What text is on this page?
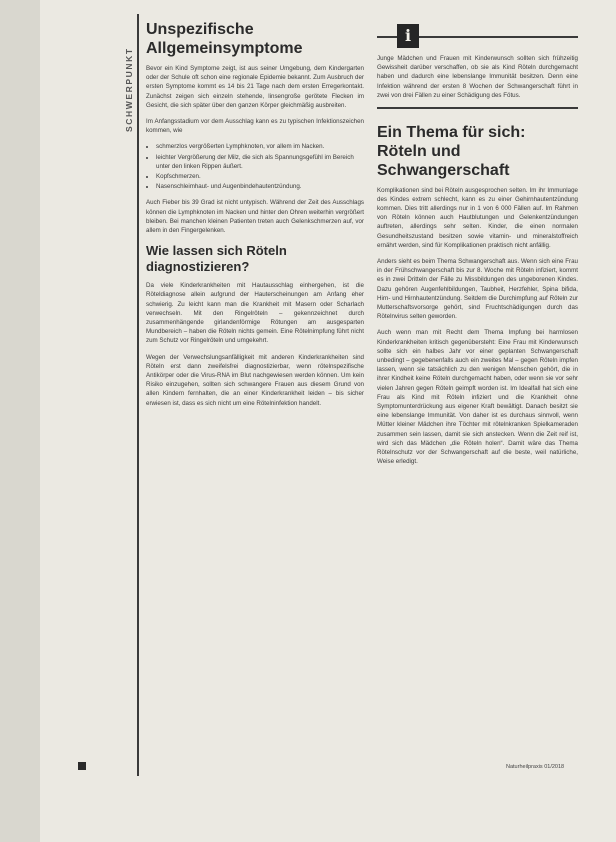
SCHWERPUNKT
Unspezifische Allgemeinsymptome

Bevor ein Kind Symptome zeigt, ist aus seiner Umgebung, dem Kindergarten oder der Schule oft schon eine regionale Epidemie bekannt. Zum Ausbruch der ersten Symptome kommt es 14 bis 21 Tage nach dem ersten Erregerkontakt. Zunächst zeigen sich einzeln stehende, linsengroße gerötete Flecken im Gesicht, die sich später über den ganzen Körper gleichmäßig ausbreiten.

Im Anfangsstadium vor dem Ausschlag kann es zu typischen Infektionszeichen kommen, wie

• schmerzlos vergrößerten Lymphknoten, vor allem im Nacken.
• leichter Vergrößerung der Milz, die sich als Spannungsgefühl im Bereich unter den linken Rippen äußert.
• Kopfschmerzen.
• Nasenschleimhaut- und Augenbindehautentzündung.

Auch Fieber bis 39 Grad ist nicht untypisch. Während der Zeit des Ausschlags können die Lymphknoten im Nacken und hinter den Ohren weiterhin vergrößert bleiben. Bei manchen kleinen Patienten treten auch Gelenkschmerzen auf, vor allem in den Fingergelenken.

Wie lassen sich Röteln diagnostizieren?

Da viele Kinderkrankheiten mit Hautausschlag einhergehen, ist die Röteldiagnose allein aufgrund der Hauterscheinungen am Anfang eher schwierig. Zu leicht kann man die Krankheit mit Masern oder Scharlach verwechseln. Mit den Ringelröteln – gekennzeichnet durch zusammenhängende girlandenförmige Rötungen am ausgesparten Mundbereich – haben die Röteln nichts gemein. Eine Rötelnimpfung führt nicht zum Schutz vor Ringelröteln und umgekehrt.

Wegen der Verwechslungsanfälligkeit mit anderen Kinderkrankheiten sind Röteln erst dann zweifelsfrei diagnostizierbar, wenn rötelnspezifische Antikörper oder die Virus-RNA im Blut nachgewiesen werden können. Um kein Risiko einzugehen, sollten sich schwangere Frauen aus diesem Grund von allen Kindern fernhalten, die an einer Kinderkrankheit leiden – bis sicher erwiesen ist, dass es sich nicht um eine Rötelninfektion handelt.

i

Junge Mädchen und Frauen mit Kinderwunsch sollten sich frühzeitig Gewissheit darüber verschaffen, ob sie als Kind Röteln durchgemacht haben und dadurch eine lebenslange Immunität besitzen. Denn eine Infektion während der ersten 8 Wochen der Schwangerschaft führt in zwei von drei Fällen zu einer Schädigung des Fötus.

Ein Thema für sich: Röteln und Schwangerschaft

Komplikationen sind bei Röteln ausgesprochen selten. Im ihr Immunlage des Kindes extrem schlecht, kann es zu einer Gehirnhautentzündung kommen. Dies tritt allerdings nur in 1 von 6 000 Fällen auf. Im Rahmen von Röteln können auch Hautblutungen und Gelenkentzündungen auftreten, allerdings sehr selten. Kinder, die einen normalen Gesundheitszustand besitzen sowie vitamin- und mineralstoffreich ernährt werden, sind für Komplikationen praktisch nicht anfällig.

Anders sieht es beim Thema Schwangerschaft aus. Wenn sich eine Frau in der Frühschwangerschaft bis zur 8. Woche mit Röteln infiziert, kommt es in zwei Dritteln der Fälle zu Missbildungen des ungeborenen Kindes. Dazu gehören Augenfehlbildungen, Taubheit, Herzfehler, Spina bifida, Hirn- und Hirnhautentzündung. Seitdem die Durchimpfung auf Röteln zur Mutterschaftsvorsorge gehört, sind Fruchtschädigungen durch das Rötelnvirus selten geworden.

Auch wenn man mit Recht dem Thema Impfung bei harmlosen Kinderkrankheiten kritisch gegenübersteht: Eine Frau mit Kinderwunsch sollte sich ein halbes Jahr vor einer geplanten Schwangerschaft unbedingt – gegebenenfalls auch ein zweites Mal – gegen Röteln impfen lassen, wenn sie tatsächlich zu den wenigen Menschen gehört, die in ihrer Kindheit keine Röteln durchgemacht haben, oder wenn sie vor sehr vielen Jahren gegen Röteln geimpft worden ist. Im Idealfall hat sich eine Frau als Kind mit Röteln infiziert und die Krankheit ohne Symptomunterdrückung aus eigener Kraft bewältigt. Danach besitzt sie eine lebenslange Immunität. Von daher ist es durchaus sinnvoll, wenn Mütter kleiner Mädchen ihre Töchter mit rötelnkranken Spielkameraden zusammen sein lassen, damit sie sich anstecken. Wenn die Zeit reif ist, wird sich das Mädchen „die Röteln holen“. Damit wäre das Thema Rötelnschutz vor der Schwangerschaft auf die beste, weil natürliche, Weise erledigt.

Naturheilpraxis 01/2018
